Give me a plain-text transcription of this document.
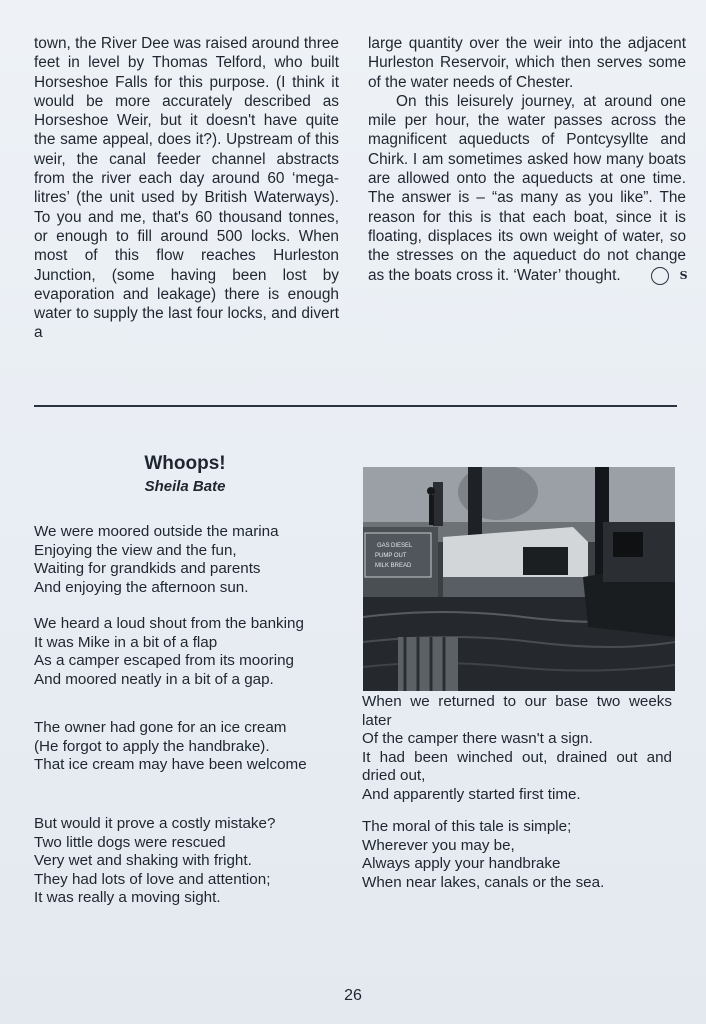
town, the River Dee was raised around three feet in level by Thomas Telford, who built Horseshoe Falls for this purpose. (I think it would be more accurately described as Horseshoe Weir, but it doesn't have quite the same appeal, does it?). Upstream of this weir, the canal feeder channel abstracts from the river each day around 60 ‘mega-litres’ (the unit used by British Waterways). To you and me, that's 60 thousand tonnes, or enough to fill around 500 locks. When most of this flow reaches Hurleston Junction, (some having been lost by evaporation and leakage) there is enough water to supply the last four locks, and divert a

large quantity over the weir into the adjacent Hurleston Reservoir, which then serves some of the water needs of Chester.

On this leisurely journey, at around one mile per hour, the water passes across the magnificent aqueducts of Pontcysyllte and Chirk. I am sometimes asked how many boats are allowed onto the aqueducts at one time. The answer is – “as many as you like”. The reason for this is that each boat, since it is floating, displaces its own weight of water, so the stresses on the aqueduct do not change as the boats cross it. ‘Water’ thought.	S

Whoops!
Sheila Bate
We were moored outside the marina
Enjoying the view and the fun,
Waiting for grandkids and parents
And enjoying the afternoon sun.
We heard a loud shout from the banking
It was Mike in a bit of a flap
As a camper escaped from its mooring
And moored neatly in a bit of a gap.
The owner had gone for an ice cream
(He forgot to apply the handbrake).
That ice cream may have been welcome
But would it prove a costly mistake?
Two little dogs were rescued
Very wet and shaking with fright.
They had lots of love and attention;
It was really a moving sight.
GAS DIESEL
PUMP OUT
MILK BREAD
When we returned to our base two weeks later
Of the camper there wasn't a sign.
It had been winched out, drained out and dried out,
And apparently started first time.
The moral of this tale is simple;
Wherever you may be,
Always apply your handbrake
When near lakes, canals or the sea.
26
